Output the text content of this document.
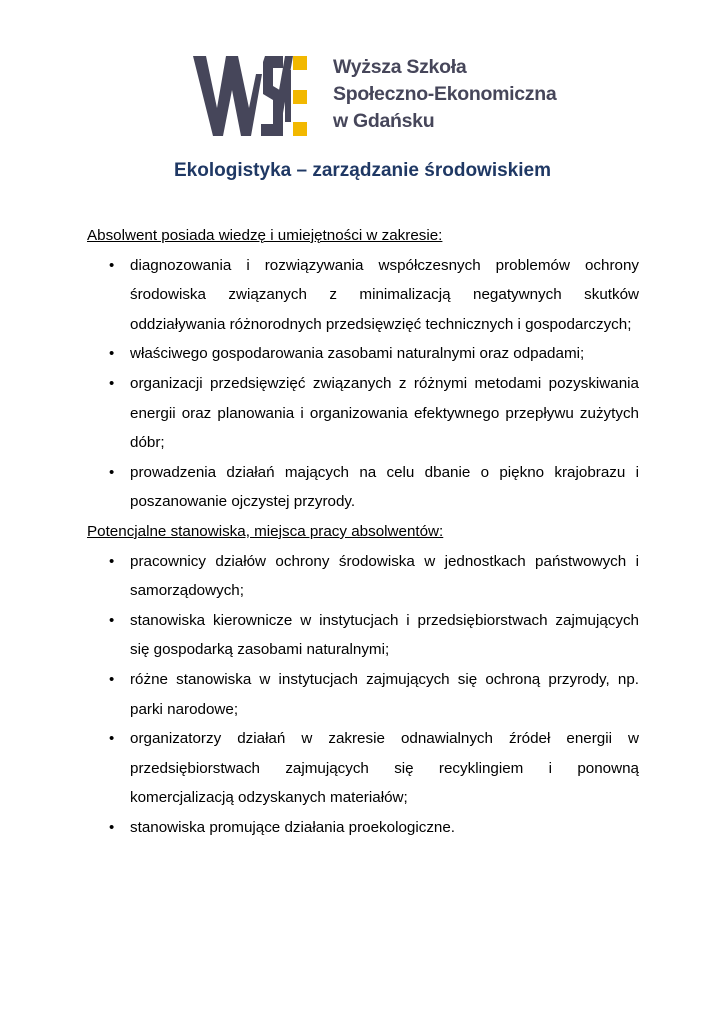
Wyższa Szkoła
Społeczno-Ekonomiczna
w Gdańsku
Ekologistyka – zarządzanie środowiskiem
Absolwent posiada wiedzę i umiejętności w zakresie:
• diagnozowania i rozwiązywania współczesnych problemów ochrony środowiska związanych z minimalizacją negatywnych skutków oddziaływania różnorodnych przedsięwzięć technicznych i gospodarczych;
• właściwego gospodarowania zasobami naturalnymi oraz odpadami;
• organizacji przedsięwzięć związanych z różnymi metodami pozyskiwania energii oraz planowania i organizowania efektywnego przepływu zużytych dóbr;
• prowadzenia działań mających na celu dbanie o piękno krajobrazu i poszanowanie ojczystej przyrody.
Potencjalne stanowiska, miejsca pracy absolwentów:
• pracownicy działów ochrony środowiska w jednostkach państwowych i samorządowych;
• stanowiska kierownicze w instytucjach i przedsiębiorstwach zajmujących się gospodarką zasobami naturalnymi;
• różne stanowiska w instytucjach zajmujących się ochroną przyrody, np. parki narodowe;
• organizatorzy działań w zakresie odnawialnych źródeł energii w przedsiębiorstwach zajmujących się recyklingiem i ponowną komercjalizacją odzyskanych materiałów;
• stanowiska promujące działania proekologiczne.
